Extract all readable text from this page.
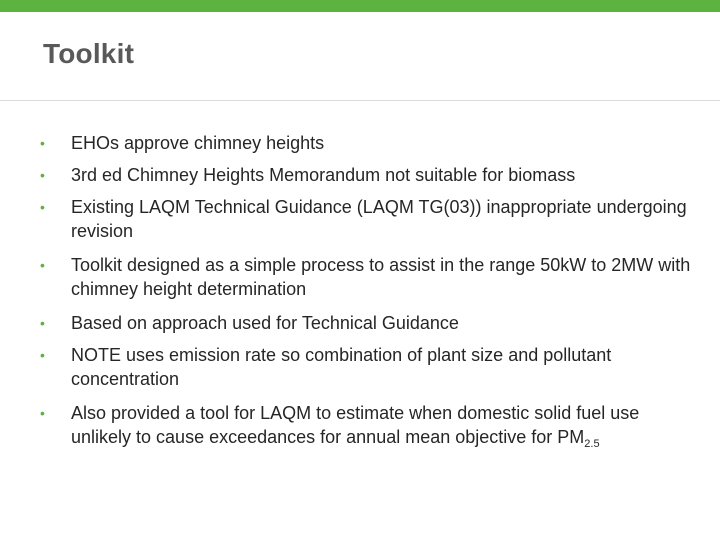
Toolkit
• EHOs approve chimney heights
• 3rd ed Chimney Heights Memorandum not suitable for biomass
• Existing LAQM Technical Guidance (LAQM TG(03)) inappropriate undergoing revision
• Toolkit designed as a simple process to assist in the range 50kW to 2MW with chimney height determination
• Based on approach used for Technical Guidance
• NOTE uses emission rate so combination of plant size and pollutant concentration
• Also provided a tool for LAQM to estimate when domestic solid fuel use unlikely to cause exceedances for annual mean objective for $PM_{2.5}$
